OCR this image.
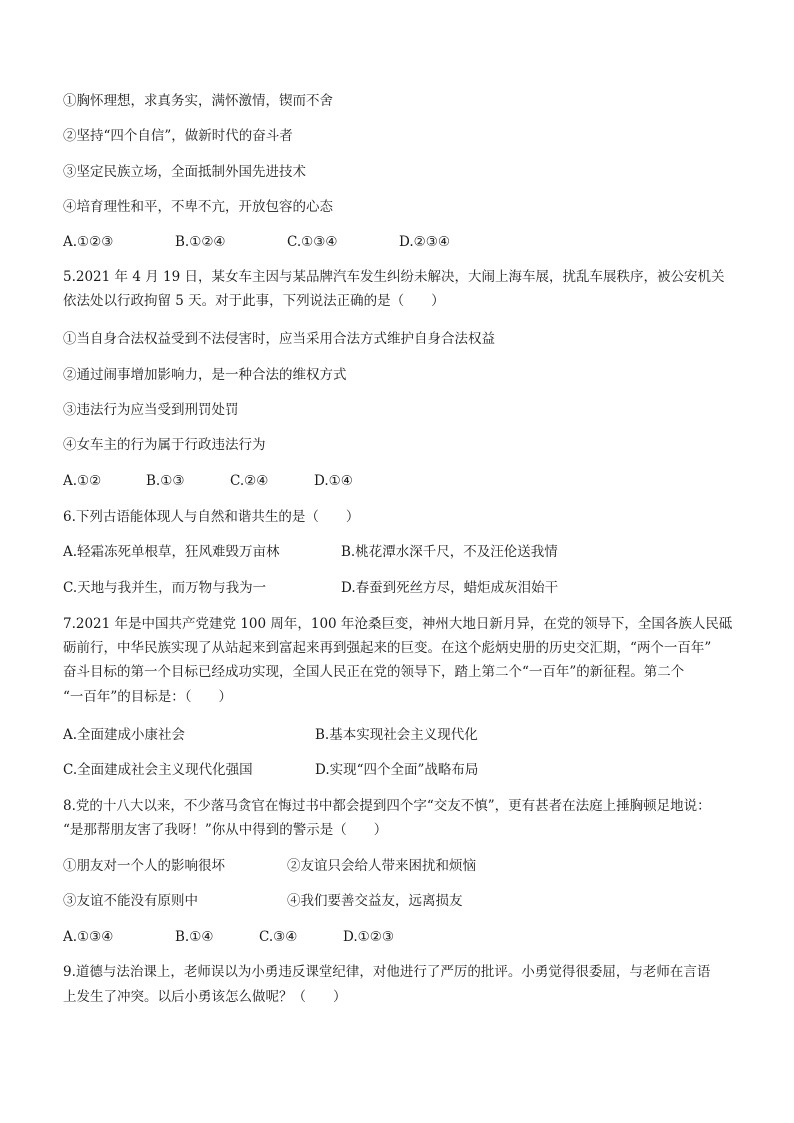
①胸怀理想，求真务实，满怀激情，锲而不舍
②坚持“四个自信”，做新时代的奋斗者
③坚定民族立场，全面抵制外国先进技术
④培育理性和平，不卑不亢，开放包容的心态
A.①②③	B.①②④	C.①③④	D.②③④
5.2021 年 4 月 19 日，某女车主因与某品牌汽车发生纠纷未解决，大闹上海车展，扰乱车展秩序，被公安机关
依法处以行政拘留 5 天。对于此事，下列说法正确的是（　　）
①当自身合法权益受到不法侵害时，应当采用合法方式维护自身合法权益
②通过闹事增加影响力，是一种合法的维权方式
③违法行为应当受到刑罚处罚
④女车主的行为属于行政违法行为
A.①②	B.①③	C.②④	D.①④
6.下列古语能体现人与自然和谐共生的是（　　）
A.轻霜冻死单根草，狂风难毁万亩林	B.桃花潭水深千尺，不及汪伦送我情
C.天地与我并生，而万物与我为一	D.春蚕到死丝方尽，蜡炬成灰泪始干
7.2021 年是中国共产党建党 100 周年，100 年沧桑巨变，神州大地日新月异，在党的领导下，全国各族人民砥
砺前行，中华民族实现了从站起来到富起来再到强起来的巨变。在这个彪炳史册的历史交汇期，“两个一百年”
奋斗目标的第一个目标已经成功实现，全国人民正在党的领导下，踏上第二个“一百年”的新征程。第二个
“一百年”的目标是：（　　）
A.全面建成小康社会	B.基本实现社会主义现代化
C.全面建成社会主义现代化强国	D.实现“四个全面”战略布局
8.党的十八大以来，不少落马贪官在悔过书中都会提到四个字“交友不慎”，更有甚者在法庭上捶胸顿足地说：
“是那帮朋友害了我呀！”你从中得到的警示是（　　）
①朋友对一个人的影响很坏	②友谊只会给人带来困扰和烦恼
③友谊不能没有原则中	④我们要善交益友，远离损友
A.①③④	B.①④	C.③④	D.①②③
9.道德与法治课上，老师误以为小勇违反课堂纪律，对他进行了严厉的批评。小勇觉得很委屈，与老师在言语
上发生了冲突。以后小勇该怎么做呢？（　　）
